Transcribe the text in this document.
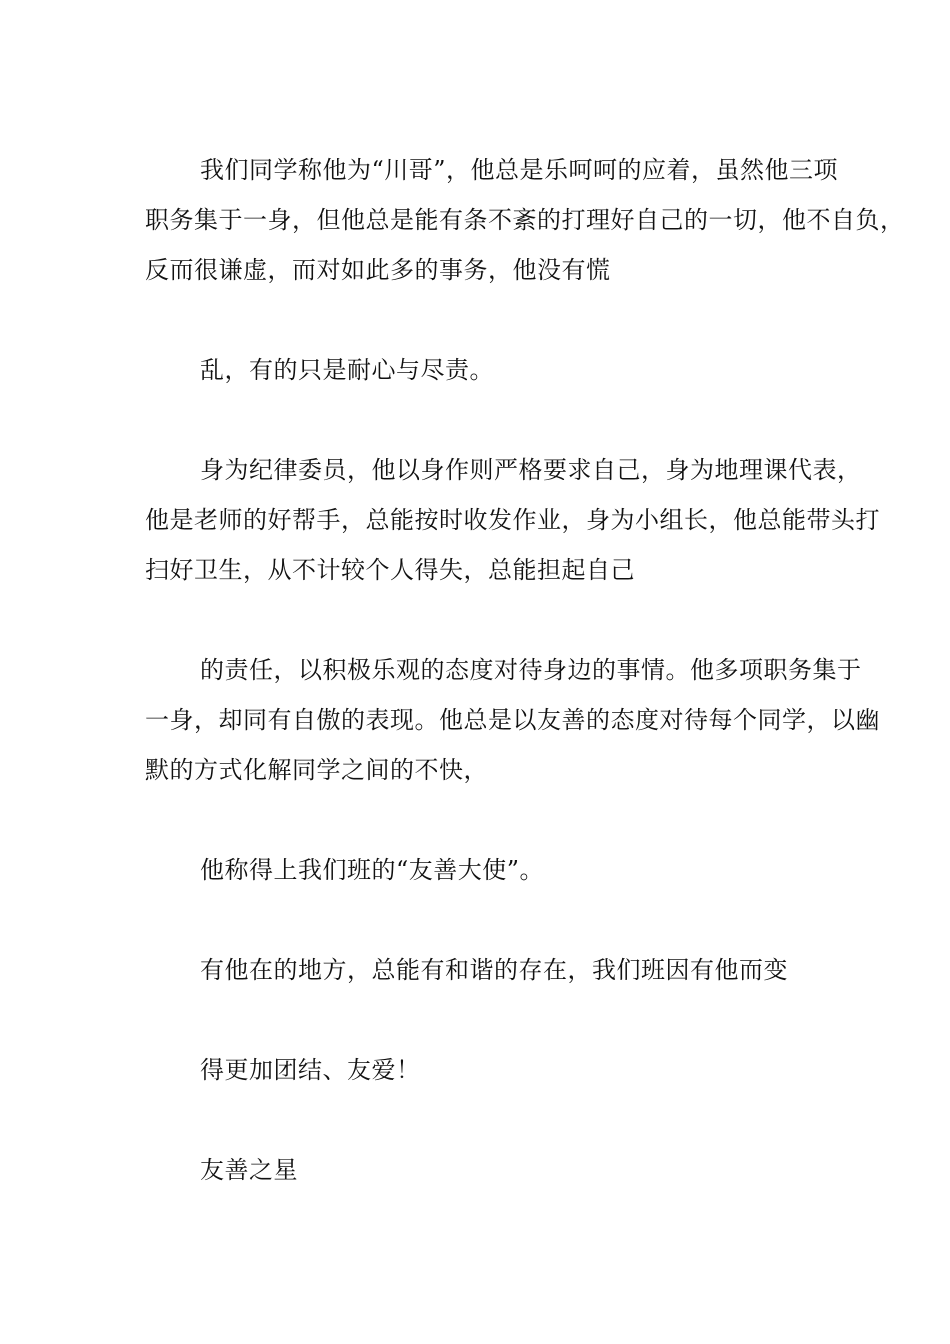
我们同学称他为“川哥”，他总是乐呵呵的应着，虽然他三项
职务集于一身，但他总是能有条不紊的打理好自己的一切，他不自负，
反而很谦虚，而对如此多的事务，他没有慌
乱，有的只是耐心与尽责。
身为纪律委员，他以身作则严格要求自己，身为地理课代表，
他是老师的好帮手，总能按时收发作业，身为小组长，他总能带头打
扫好卫生，从不计较个人得失，总能担起自己
的责任，以积极乐观的态度对待身边的事情。他多项职务集于
一身，却同有自傲的表现。他总是以友善的态度对待每个同学，以幽
默的方式化解同学之间的不快，
他称得上我们班的“友善大使”。
有他在的地方，总能有和谐的存在，我们班因有他而变
得更加团结、友爱！
友善之星
